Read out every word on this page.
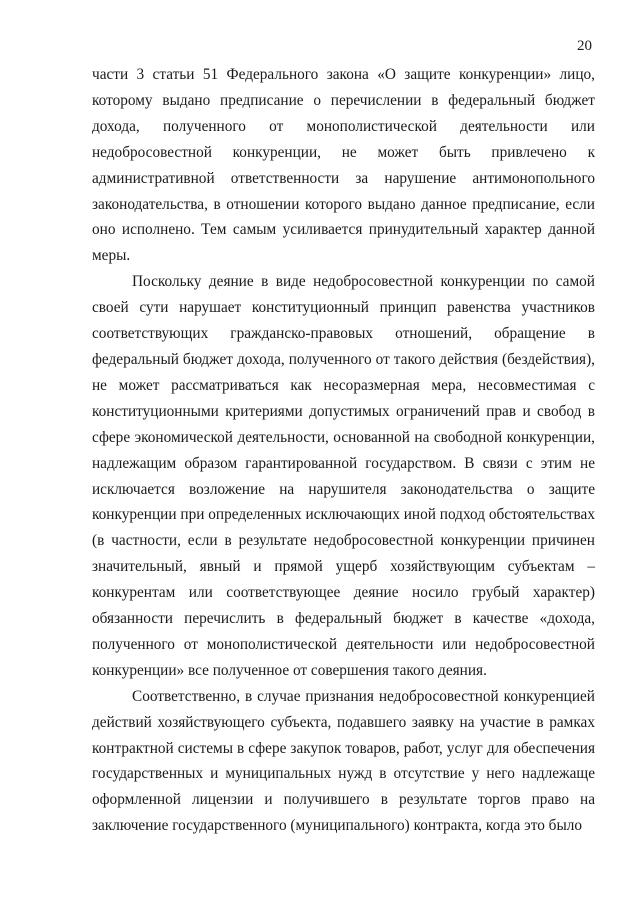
20

части 3 статьи 51 Федерального закона «О защите конкуренции» лицо, которому выдано предписание о перечислении в федеральный бюджет дохода, полученного от монополистической деятельности или недобросовестной конкуренции, не может быть привлечено к административной ответственности за нарушение антимонопольного законодательства, в отношении которого выдано данное предписание, если оно исполнено. Тем самым усиливается принудительный характер данной меры.

Поскольку деяние в виде недобросовестной конкуренции по самой своей сути нарушает конституционный принцип равенства участников соответствующих гражданско-правовых отношений, обращение в федеральный бюджет дохода, полученного от такого действия (бездействия), не может рассматриваться как несоразмерная мера, несовместимая с конституционными критериями допустимых ограничений прав и свобод в сфере экономической деятельности, основанной на свободной конкуренции, надлежащим образом гарантированной государством. В связи с этим не исключается возложение на нарушителя законодательства о защите конкуренции при определенных исключающих иной подход обстоятельствах (в частности, если в результате недобросовестной конкуренции причинен значительный, явный и прямой ущерб хозяйствующим субъектам – конкурентам или соответствующее деяние носило грубый характер) обязанности перечислить в федеральный бюджет в качестве «дохода, полученного от монополистической деятельности или недобросовестной конкуренции» все полученное от совершения такого деяния.

Соответственно, в случае признания недобросовестной конкуренцией действий хозяйствующего субъекта, подавшего заявку на участие в рамках контрактной системы в сфере закупок товаров, работ, услуг для обеспечения государственных и муниципальных нужд в отсутствие у него надлежаще оформленной лицензии и получившего в результате торгов право на заключение государственного (муниципального) контракта, когда это было
